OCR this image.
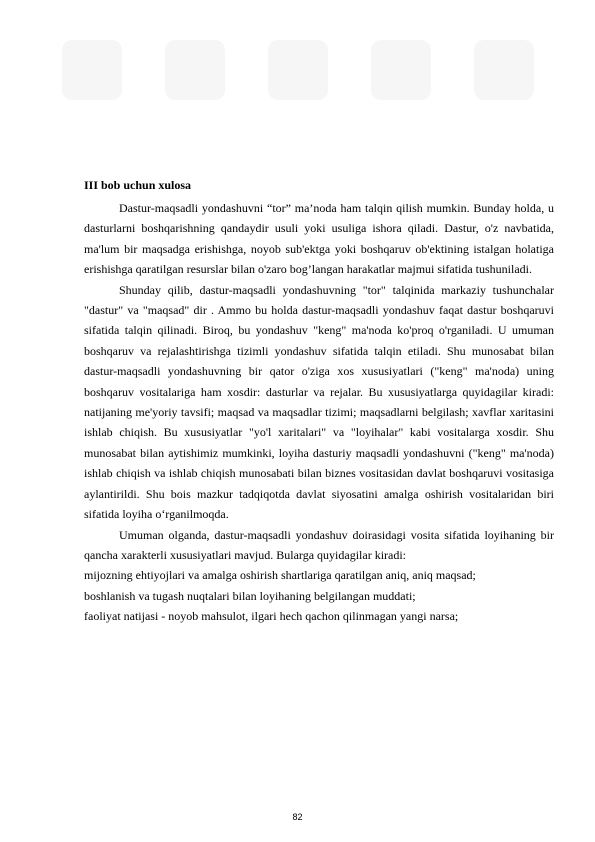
III bob uchun xulosa

Dastur-maqsadli yondashuvni “tor” ma’noda ham talqin qilish mumkin. Bunday holda, u dasturlarni boshqarishning qandaydir usuli yoki usuliga ishora qiladi. Dastur, o'z navbatida, ma'lum bir maqsadga erishishga, noyob sub'ektga yoki boshqaruv ob'ektining istalgan holatiga erishishga qaratilgan resurslar bilan o'zaro bog’langan harakatlar majmui sifatida tushuniladi.

Shunday qilib, dastur-maqsadli yondashuvning "tor" talqinida markaziy tushunchalar "dastur" va "maqsad" dir . Ammo bu holda dastur-maqsadli yondashuv faqat dastur boshqaruvi sifatida talqin qilinadi. Biroq, bu yondashuv "keng" ma'noda ko'proq o'rganiladi. U umuman boshqaruv va rejalashtirishga tizimli yondashuv sifatida talqin etiladi. Shu munosabat bilan dastur-maqsadli yondashuvning bir qator o'ziga xos xususiyatlari ("keng" ma'noda) uning boshqaruv vositalariga ham xosdir: dasturlar va rejalar. Bu xususiyatlarga quyidagilar kiradi: natijaning me'yoriy tavsifi; maqsad va maqsadlar tizimi; maqsadlarni belgilash; xavflar xaritasini ishlab chiqish. Bu xususiyatlar "yo'l xaritalari" va "loyihalar" kabi vositalarga xosdir. Shu munosabat bilan aytishimiz mumkinki, loyiha dasturiy maqsadli yondashuvni ("keng" ma'noda) ishlab chiqish va ishlab chiqish munosabati bilan biznes vositasidan davlat boshqaruvi vositasiga aylantirildi. Shu bois mazkur tadqiqotda davlat siyosatini amalga oshirish vositalaridan biri sifatida loyiha o‘rganilmoqda.

Umuman olganda, dastur-maqsadli yondashuv doirasidagi vosita sifatida loyihaning bir qancha xarakterli xususiyatlari mavjud. Bularga quyidagilar kiradi:

mijozning ehtiyojlari va amalga oshirish shartlariga qaratilgan aniq, aniq maqsad;

boshlanish va tugash nuqtalari bilan loyihaning belgilangan muddati;

faoliyat natijasi - noyob mahsulot, ilgari hech qachon qilinmagan yangi narsa;

82
